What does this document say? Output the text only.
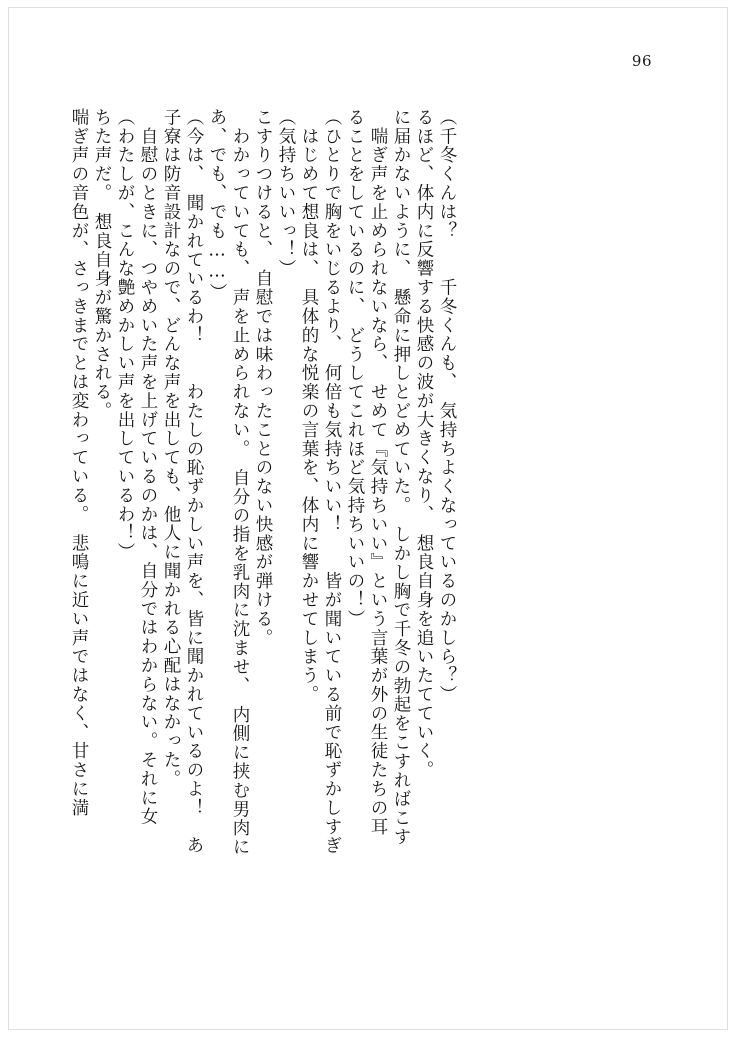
96
喘ぎ声の音色が、さっきまでとは変わっている。　悲鳴に近い声ではなく、甘さに満 ちた声だ。　想良自身が驚かされる。 （わたしが、こんな艶めかしい声を出しているわ！） 　自慰のときに、つやめいた声を上げているのかは、自分ではわからない。それに女 子寮は防音設計なので、どんな声を出しても、他人に聞かれる心配はなかった。 （今は、　聞かれているわ！　　わたしの恥ずかしい声を、皆に聞かれているのよ！　あ あ、でも、でも……） 　わかっていても、　声を止められない。　自分の指を乳肉に沈ませ、　内側に挟む男肉に こすりつけると、　自慰では味わったことのない快感が弾ける。 （気持ちいいっ！） 　はじめて想良は、　具体的な悦楽の言葉を、体内に響かせてしまう。 （ひとりで胸をいじるより、　何倍も気持ちいい！　　皆が聞いている前で恥ずかしすぎ ることをしているのに、　どうしてこれほど気持ちいいの！） 　喘ぎ声を止められないなら、　せめて『気持ちいい』という言葉が外の生徒たちの耳 に届かないように、　懸命に押しとどめていた。　しかし胸で千冬の勃起をこすればこす るほど、体内に反響する快感の波が大きくなり、　想良自身を追いたてていく。 （千冬くんは？　　千冬くんも、　気持ちよくなっているのかしら？）
